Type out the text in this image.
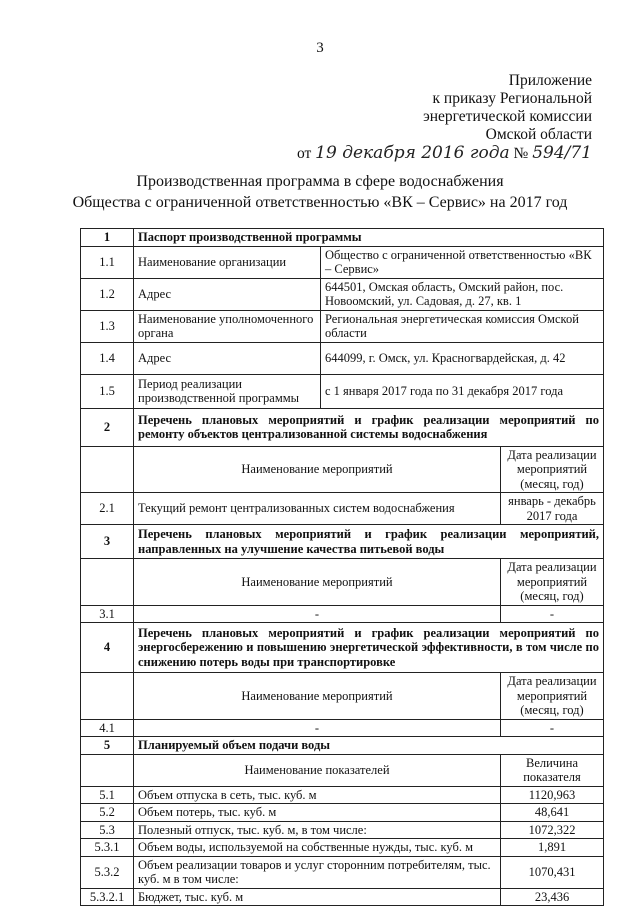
3
Приложение
к приказу Региональной
энергетической комиссии
Омской области
от 19 декабря 2016 года № 594/71
Производственная программа в сфере водоснабжения
Общества с ограниченной ответственностью «ВК – Сервис» на 2017 год
1	Паспорт производственной программы		
1.1	Наименование организации	Общество с ограниченной ответственностью «ВК – Сервис»	
1.2	Адрес	644501, Омская область, Омский район, пос. Новоомский, ул. Садовая, д. 27, кв. 1	
1.3	Наименование уполномоченного органа	Региональная энергетическая комиссия Омской области	
1.4	Адрес	644099, г. Омск, ул. Красногвардейская, д. 42	
1.5	Период реализации производственной программы	с 1 января 2017 года по 31 декабря 2017 года	
2	Перечень плановых мероприятий и график реализации мероприятий по ремонту объектов централизованной системы водоснабжения		
	Наименование мероприятий		Дата реализации мероприятий (месяц, год)
2.1	Текущий ремонт централизованных систем водоснабжения		январь - декабрь 2017 года
3	Перечень плановых мероприятий и график реализации мероприятий, направленных на улучшение качества питьевой воды		
	Наименование мероприятий		Дата реализации мероприятий (месяц, год)
3.1	-		-
4	Перечень плановых мероприятий и график реализации мероприятий по энергосбережению и повышению энергетической эффективности, в том числе по снижению потерь воды при транспортировке		
	Наименование мероприятий		Дата реализации мероприятий (месяц, год)
4.1	-		-
5	Планируемый объем подачи воды		
	Наименование показателей		Величина показателя
5.1	Объем отпуска в сеть, тыс. куб. м		1120,963
5.2	Объем потерь, тыс. куб. м		48,641
5.3	Полезный отпуск, тыс. куб. м, в том числе:		1072,322
5.3.1	Объем воды, используемой на собственные нужды, тыс. куб. м		1,891
5.3.2	Объем реализации товаров и услуг сторонним потребителям, тыс. куб. м в том числе:		1070,431
5.3.2.1	Бюджет, тыс. куб. м		23,436
